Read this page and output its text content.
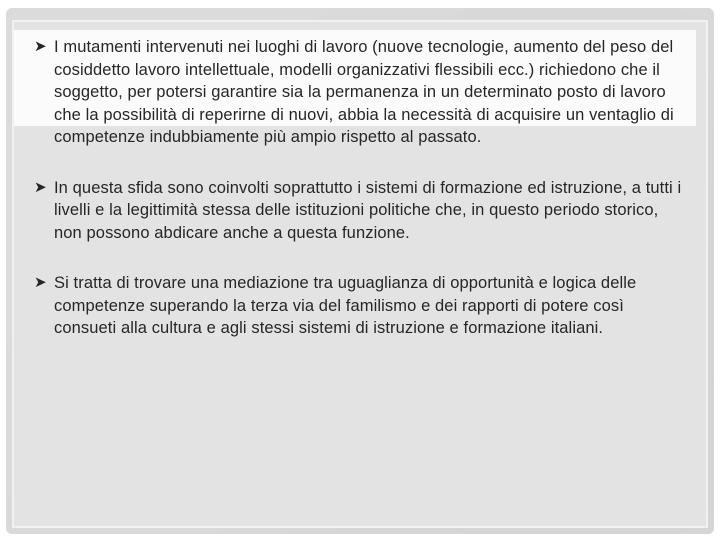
➤ I mutamenti intervenuti nei luoghi di lavoro (nuove tecnologie, aumento del peso del cosiddetto lavoro intellettuale, modelli organizzativi flessibili ecc.) richiedono che il soggetto, per potersi garantire sia la permanenza in un determinato posto di lavoro che la possibilità di reperirne di nuovi, abbia la necessità di acquisire un ventaglio di competenze indubbiamente più ampio rispetto al passato.
➤ In questa sfida sono coinvolti soprattutto i sistemi di formazione ed istruzione, a tutti i livelli e la legittimità stessa delle istituzioni politiche che, in questo periodo storico, non possono abdicare anche a questa funzione.
➤ Si tratta di trovare una mediazione tra uguaglianza di opportunità e logica delle competenze superando la terza via del familismo e dei rapporti di potere così consueti alla cultura e agli stessi sistemi di istruzione e formazione italiani.
